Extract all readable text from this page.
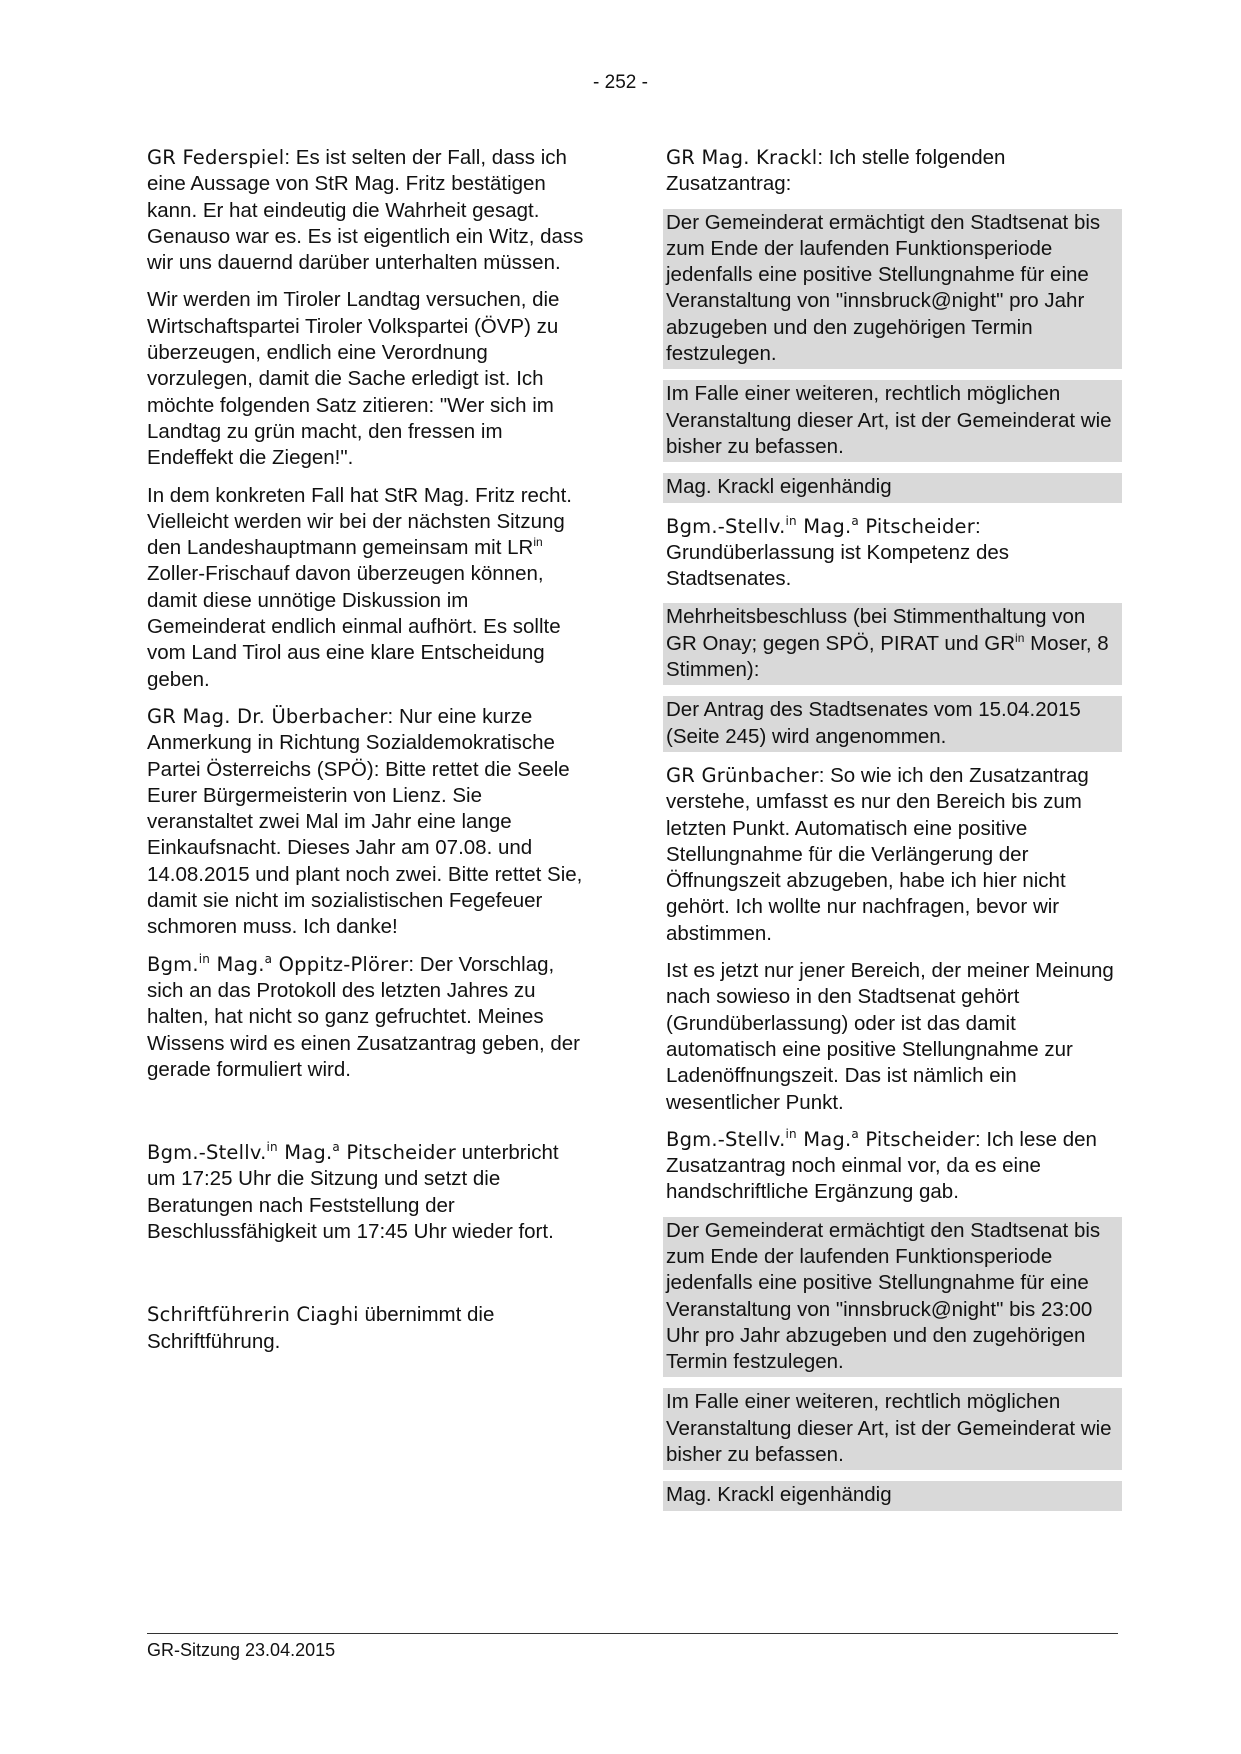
- 252 -

GR Federspiel: Es ist selten der Fall, dass ich eine Aussage von StR Mag. Fritz bestätigen kann. Er hat eindeutig die Wahrheit gesagt. Genauso war es. Es ist eigentlich ein Witz, dass wir uns dauernd darüber unterhalten müssen.

Wir werden im Tiroler Landtag versuchen, die Wirtschaftspartei Tiroler Volkspartei (ÖVP) zu überzeugen, endlich eine Verordnung vorzulegen, damit die Sache erledigt ist. Ich möchte folgenden Satz zitieren: "Wer sich im Landtag zu grün macht, den fressen im Endeffekt die Ziegen!".

In dem konkreten Fall hat StR Mag. Fritz recht. Vielleicht werden wir bei der nächsten Sitzung den Landeshauptmann gemeinsam mit $LR^{in}$ Zoller-Frischauf davon überzeugen können, damit diese unnötige Diskussion im Gemeinderat endlich einmal aufhört. Es sollte vom Land Tirol aus eine klare Entscheidung geben.

GR Mag. Dr. Überbacher: Nur eine kurze Anmerkung in Richtung Sozialdemokratische Partei Österreichs (SPÖ): Bitte rettet die Seele Eurer Bürgermeisterin von Lienz. Sie veranstaltet zwei Mal im Jahr eine lange Einkaufsnacht. Dieses Jahr am 07.08. und 14.08.2015 und plant noch zwei. Bitte rettet Sie, damit sie nicht im sozialistischen Fegefeuer schmoren muss. Ich danke!

Bgm.$^{in}$ Mag.$^a$ Oppitz-Plörer: Der Vorschlag, sich an das Protokoll des letzten Jahres zu halten, hat nicht so ganz gefruchtet. Meines Wissens wird es einen Zusatzantrag geben, der gerade formuliert wird.

Bgm.-Stellv.$^{in}$ Mag.$^a$ Pitscheider unterbricht um 17:25 Uhr die Sitzung und setzt die Beratungen nach Feststellung der Beschlussfähigkeit um 17:45 Uhr wieder fort.

Schriftführerin Ciaghi übernimmt die Schriftführung.

GR Mag. Krackl: Ich stelle folgenden Zusatzantrag:

Der Gemeinderat ermächtigt den Stadtsenat bis zum Ende der laufenden Funktionsperiode jedenfalls eine positive Stellungnahme für eine Veranstaltung von "innsbruck@night" pro Jahr abzugeben und den zugehörigen Termin festzulegen.

Im Falle einer weiteren, rechtlich möglichen Veranstaltung dieser Art, ist der Gemeinderat wie bisher zu befassen.

Mag. Krackl eigenhändig

Bgm.-Stellv.$^{in}$ Mag.$^a$ Pitscheider: Grundüberlassung ist Kompetenz des Stadtsenates.

Mehrheitsbeschluss (bei Stimmenthaltung von GR Onay; gegen SPÖ, PIRAT und $GR^{in}$ Moser, 8 Stimmen):

Der Antrag des Stadtsenates vom 15.04.2015 (Seite 245) wird angenommen.

GR Grünbacher: So wie ich den Zusatzantrag verstehe, umfasst es nur den Bereich bis zum letzten Punkt. Automatisch eine positive Stellungnahme für die Verlängerung der Öffnungszeit abzugeben, habe ich hier nicht gehört. Ich wollte nur nachfragen, bevor wir abstimmen.

Ist es jetzt nur jener Bereich, der meiner Meinung nach sowieso in den Stadtsenat gehört (Grundüberlassung) oder ist das damit automatisch eine positive Stellungnahme zur Ladenöffnungszeit. Das ist nämlich ein wesentlicher Punkt.

Bgm.-Stellv.$^{in}$ Mag.$^a$ Pitscheider: Ich lese den Zusatzantrag noch einmal vor, da es eine handschriftliche Ergänzung gab.

Der Gemeinderat ermächtigt den Stadtsenat bis zum Ende der laufenden Funktionsperiode jedenfalls eine positive Stellungnahme für eine Veranstaltung von "innsbruck@night" bis 23:00 Uhr pro Jahr abzugeben und den zugehörigen Termin festzulegen.

Im Falle einer weiteren, rechtlich möglichen Veranstaltung dieser Art, ist der Gemeinderat wie bisher zu befassen.

Mag. Krackl eigenhändig

GR-Sitzung 23.04.2015
